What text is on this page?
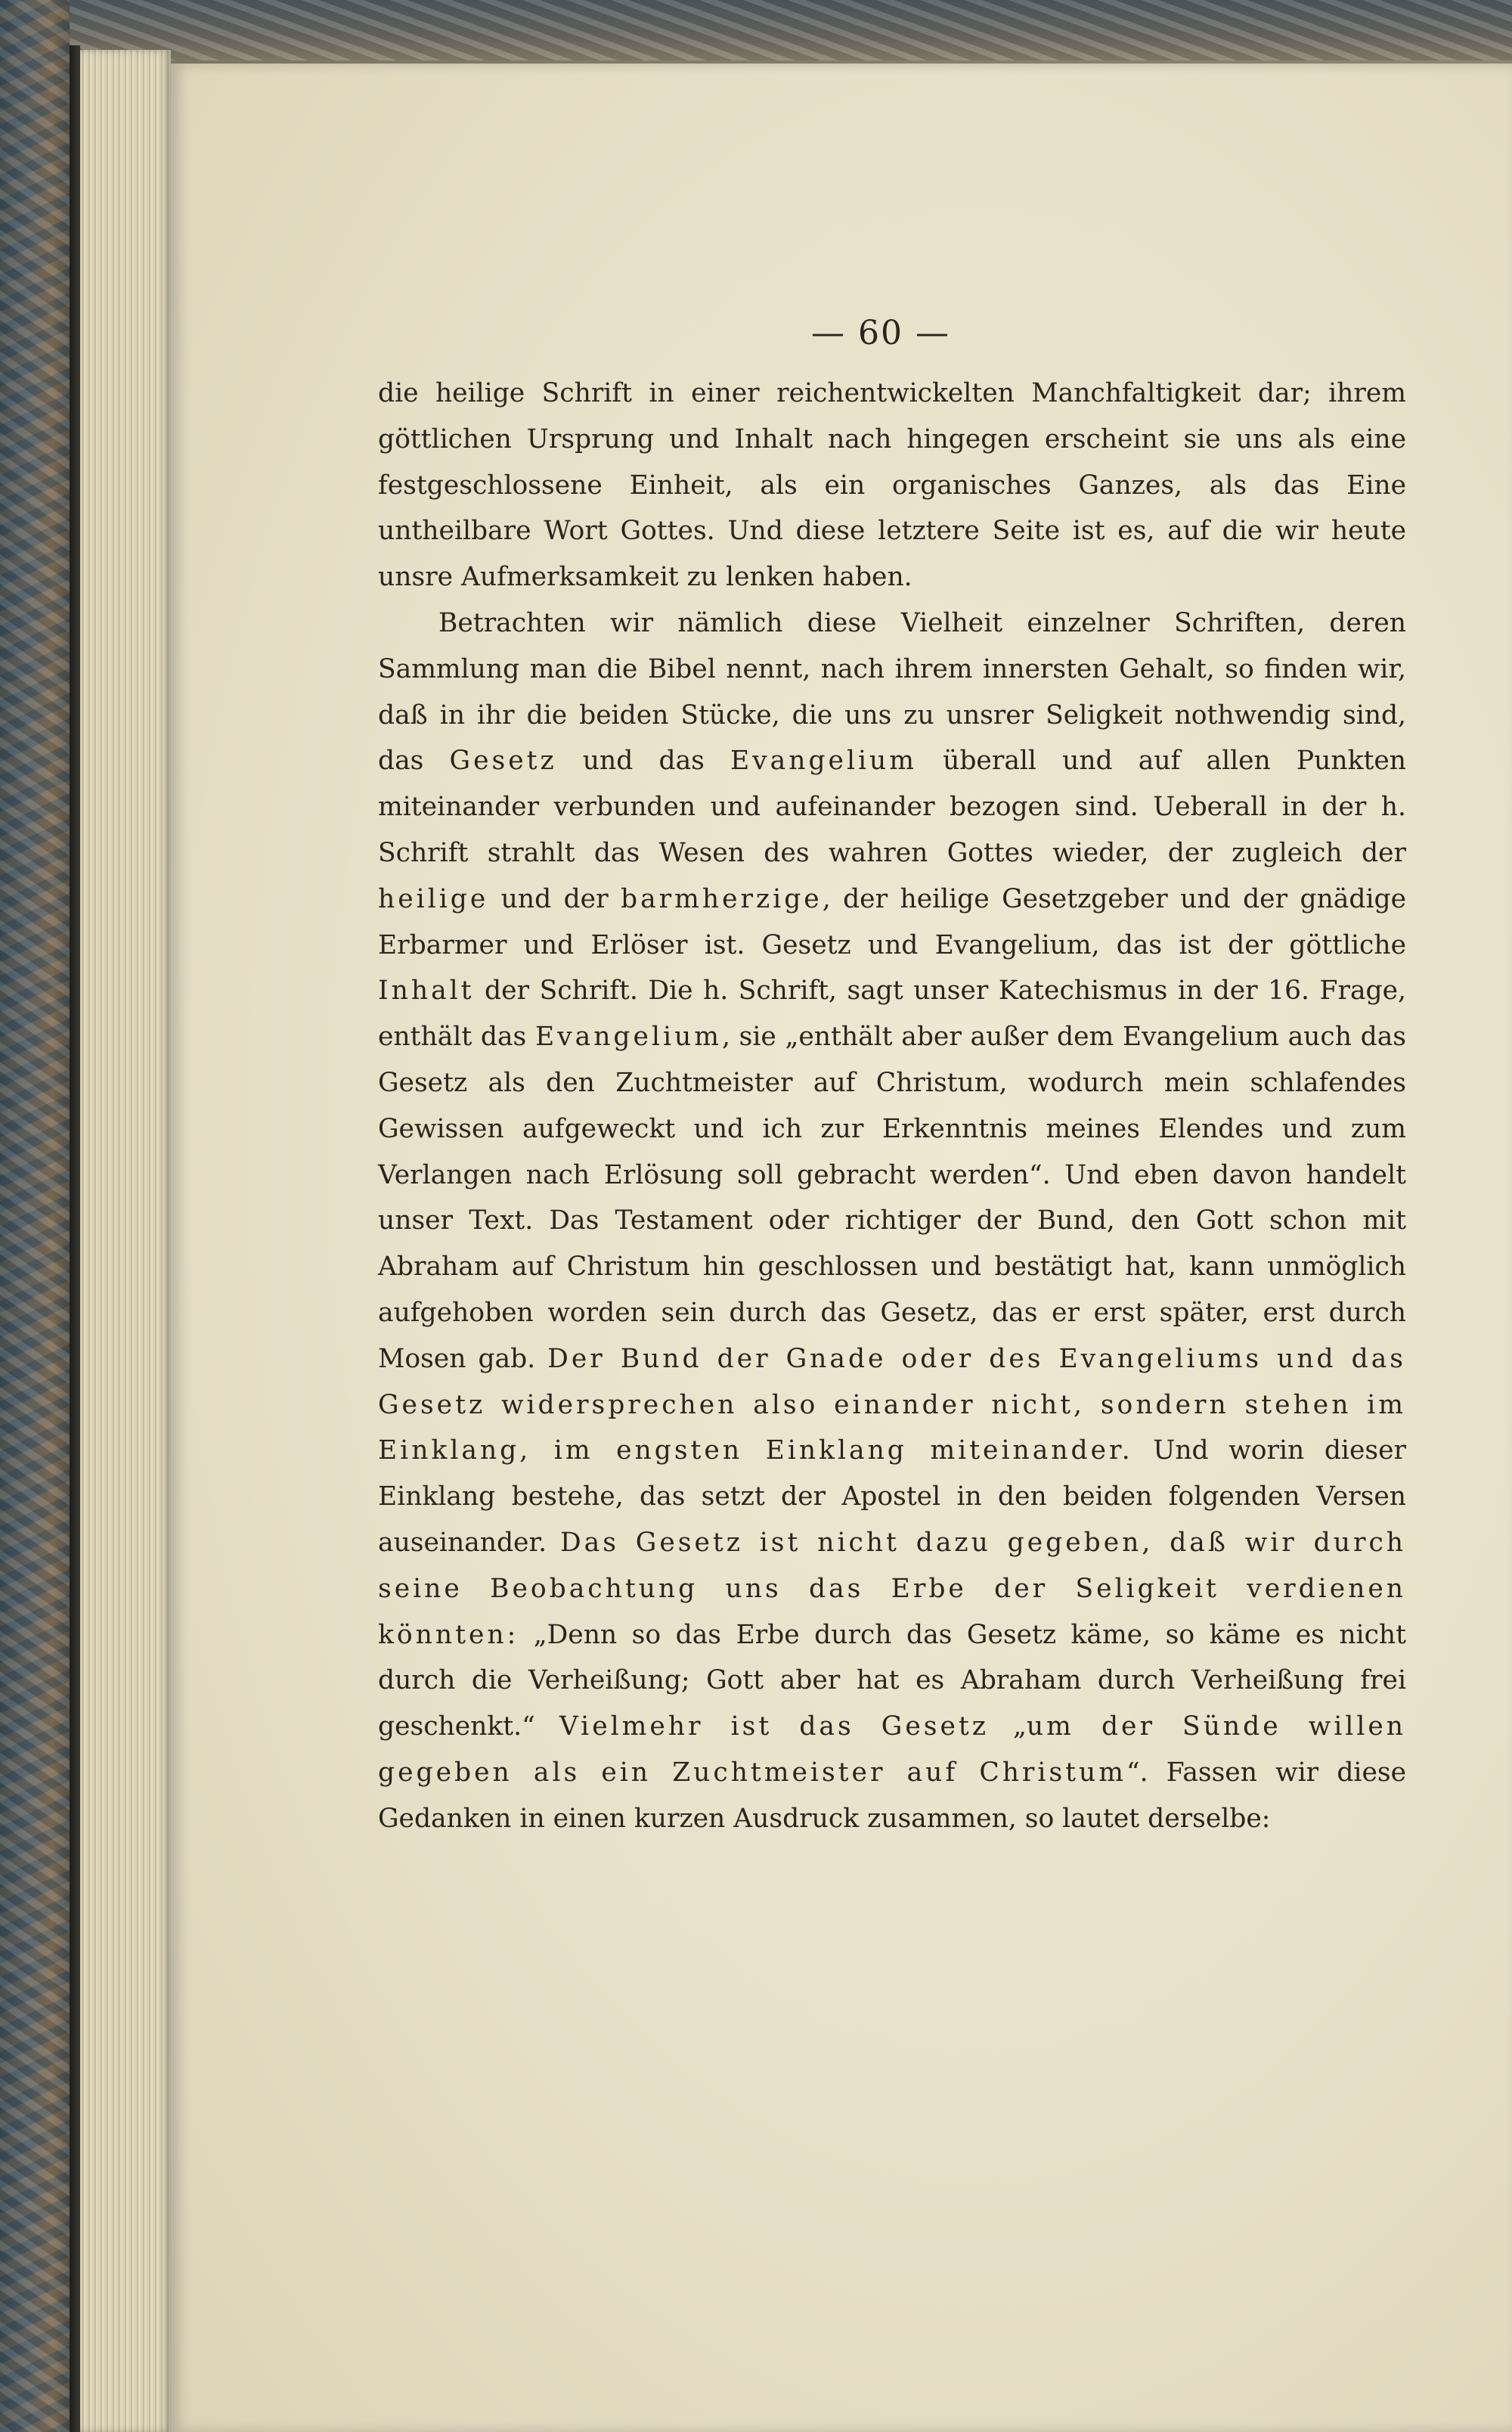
— 60 —

die heilige Schrift in einer reichentwickelten Manchfaltigkeit dar; ihrem göttlichen Ursprung und Inhalt nach hingegen erscheint sie uns als eine festgeschlossene Einheit, als ein organisches Ganzes, als das Eine untheilbare Wort Gottes. Und diese letztere Seite ist es, auf die wir heute unsre Aufmerksamkeit zu lenken haben.

Betrachten wir nämlich diese Vielheit einzelner Schriften, deren Sammlung man die Bibel nennt, nach ihrem innersten Gehalt, so finden wir, daß in ihr die beiden Stücke, die uns zu unsrer Seligkeit nothwendig sind, das Gesetz und das Evangelium überall und auf allen Punkten miteinander verbunden und aufeinander bezogen sind. Ueberall in der h. Schrift strahlt das Wesen des wahren Gottes wieder, der zugleich der heilige und der barmherzige, der heilige Gesetzgeber und der gnädige Erbarmer und Erlöser ist. Gesetz und Evangelium, das ist der göttliche Inhalt der Schrift. Die h. Schrift, sagt unser Katechismus in der 16. Frage, enthält das Evangelium, sie „enthält aber außer dem Evangelium auch das Gesetz als den Zuchtmeister auf Christum, wodurch mein schlafendes Gewissen aufgeweckt und ich zur Erkenntnis meines Elendes und zum Verlangen nach Erlösung soll gebracht werden“. Und eben davon handelt unser Text. Das Testament oder richtiger der Bund, den Gott schon mit Abraham auf Christum hin geschlossen und bestätigt hat, kann unmöglich aufgehoben worden sein durch das Gesetz, das er erst später, erst durch Mosen gab. Der Bund der Gnade oder des Evangeliums und das Gesetz widersprechen also einander nicht, sondern stehen im Einklang, im engsten Einklang miteinander. Und worin dieser Einklang bestehe, das setzt der Apostel in den beiden folgenden Versen auseinander. Das Gesetz ist nicht dazu gegeben, daß wir durch seine Beobachtung uns das Erbe der Seligkeit verdienen könnten: „Denn so das Erbe durch das Gesetz käme, so käme es nicht durch die Verheißung; Gott aber hat es Abraham durch Verheißung frei geschenkt.“ Vielmehr ist das Gesetz „um der Sünde willen gegeben als ein Zuchtmeister auf Christum“. Fassen wir diese Gedanken in einen kurzen Ausdruck zusammen, so lautet derselbe:
